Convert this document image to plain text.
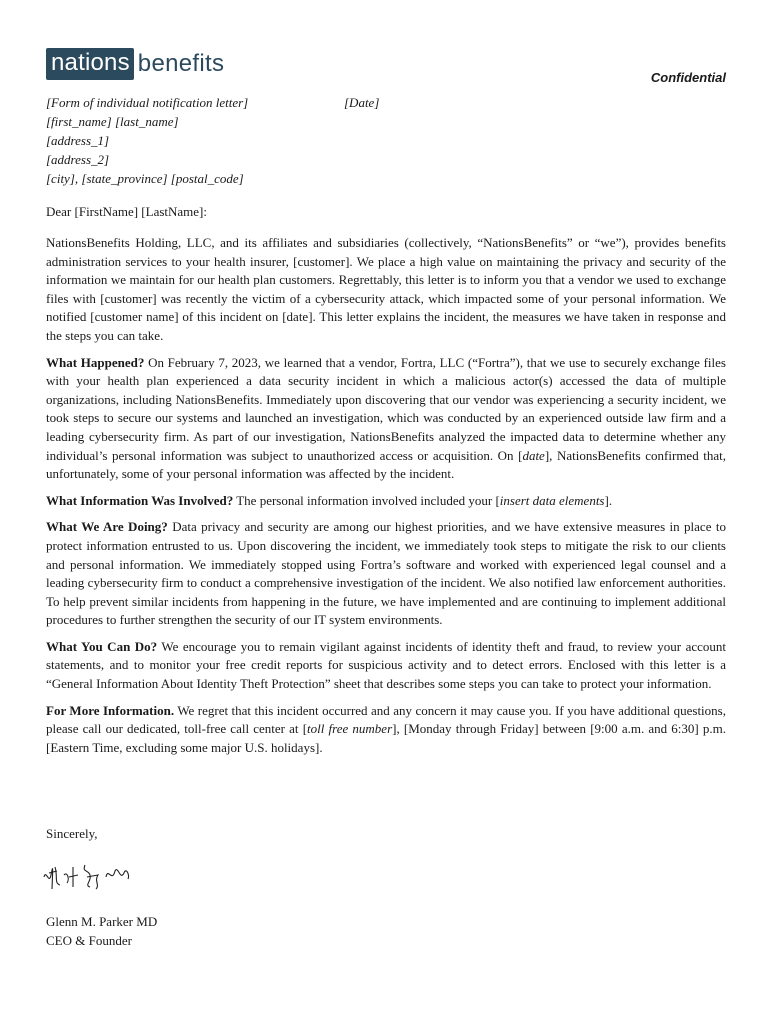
nations benefits
Confidential
[Form of individual notification letter]
[first_name] [last_name]
[address_1]
[address_2]
[city], [state_province] [postal_code]
[Date]
Dear [FirstName] [LastName]:

NationsBenefits Holding, LLC, and its affiliates and subsidiaries (collectively, “NationsBenefits” or “we”), provides benefits administration services to your health insurer, [customer]. We place a high value on maintaining the privacy and security of the information we maintain for our health plan customers. Regrettably, this letter is to inform you that a vendor we used to exchange files with [customer] was recently the victim of a cybersecurity attack, which impacted some of your personal information. We notified [customer name] of this incident on [date]. This letter explains the incident, the measures we have taken in response and the steps you can take.

What Happened? On February 7, 2023, we learned that a vendor, Fortra, LLC (“Fortra”), that we use to securely exchange files with your health plan experienced a data security incident in which a malicious actor(s) accessed the data of multiple organizations, including NationsBenefits. Immediately upon discovering that our vendor was experiencing a security incident, we took steps to secure our systems and launched an investigation, which was conducted by an experienced outside law firm and a leading cybersecurity firm. As part of our investigation, NationsBenefits analyzed the impacted data to determine whether any individual’s personal information was subject to unauthorized access or acquisition. On [date], NationsBenefits confirmed that, unfortunately, some of your personal information was affected by the incident.

What Information Was Involved? The personal information involved included your [insert data elements].

What We Are Doing? Data privacy and security are among our highest priorities, and we have extensive measures in place to protect information entrusted to us. Upon discovering the incident, we immediately took steps to mitigate the risk to our clients and personal information. We immediately stopped using Fortra’s software and worked with experienced legal counsel and a leading cybersecurity firm to conduct a comprehensive investigation of the incident. We also notified law enforcement authorities. To help prevent similar incidents from happening in the future, we have implemented and are continuing to implement additional procedures to further strengthen the security of our IT system environments.

What You Can Do? We encourage you to remain vigilant against incidents of identity theft and fraud, to review your account statements, and to monitor your free credit reports for suspicious activity and to detect errors. Enclosed with this letter is a “General Information About Identity Theft Protection” sheet that describes some steps you can take to protect your information.

For More Information. We regret that this incident occurred and any concern it may cause you. If you have additional questions, please call our dedicated, toll-free call center at [toll free number], [Monday through Friday] between [9:00 a.m. and 6:30] p.m. [Eastern Time, excluding some major U.S. holidays].

Sincerely,
Glenn M. Parker MD
CEO & Founder
